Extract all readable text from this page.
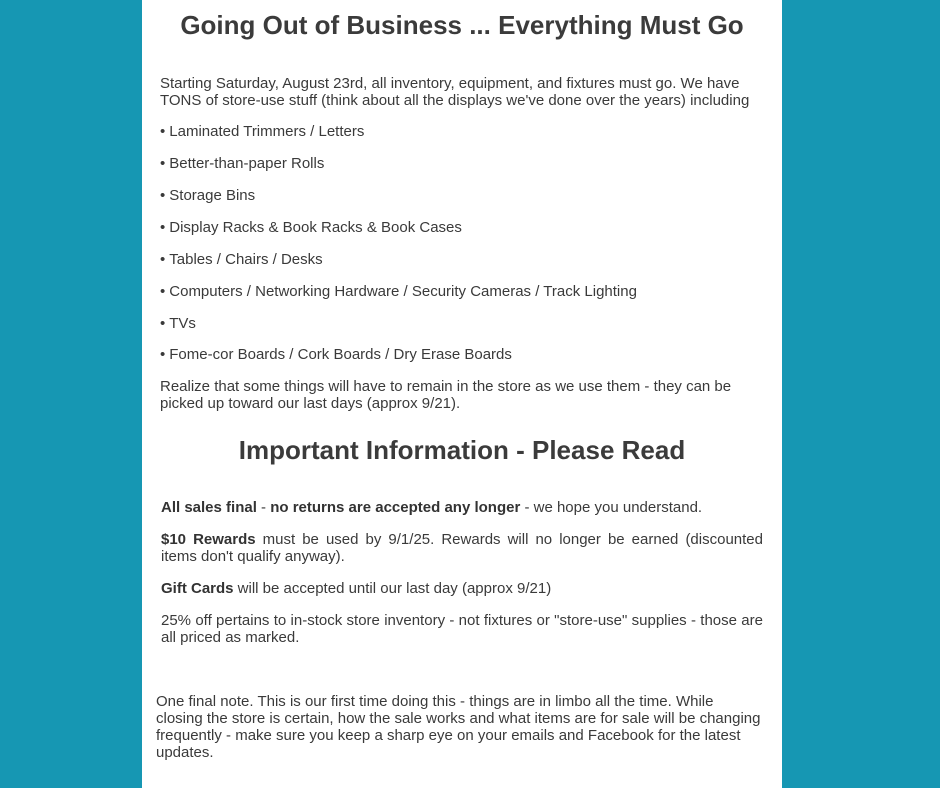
Going Out of Business ... Everything Must Go

Starting Saturday, August 23rd, all inventory, equipment, and fixtures must go. We have TONS of store-use stuff (think about all the displays we've done over the years) including

• Laminated Trimmers / Letters

• Better-than-paper Rolls

• Storage Bins

• Display Racks & Book Racks & Book Cases

• Tables / Chairs / Desks

• Computers / Networking Hardware / Security Cameras / Track Lighting

• TVs

• Fome-cor Boards / Cork Boards / Dry Erase Boards

Realize that some things will have to remain in the store as we use them - they can be picked up toward our last days (approx 9/21).

Important Information - Please Read

All sales final - no returns are accepted any longer - we hope you understand.

$10 Rewards must be used by 9/1/25. Rewards will no longer be earned (discounted items don't qualify anyway).

Gift Cards will be accepted until our last day (approx 9/21)

25% off pertains to in-stock store inventory - not fixtures or "store-use" supplies - those are all priced as marked.

One final note. This is our first time doing this - things are in limbo all the time. While closing the store is certain, how the sale works and what items are for sale will be changing frequently - make sure you keep a sharp eye on your emails and Facebook for the latest updates.
